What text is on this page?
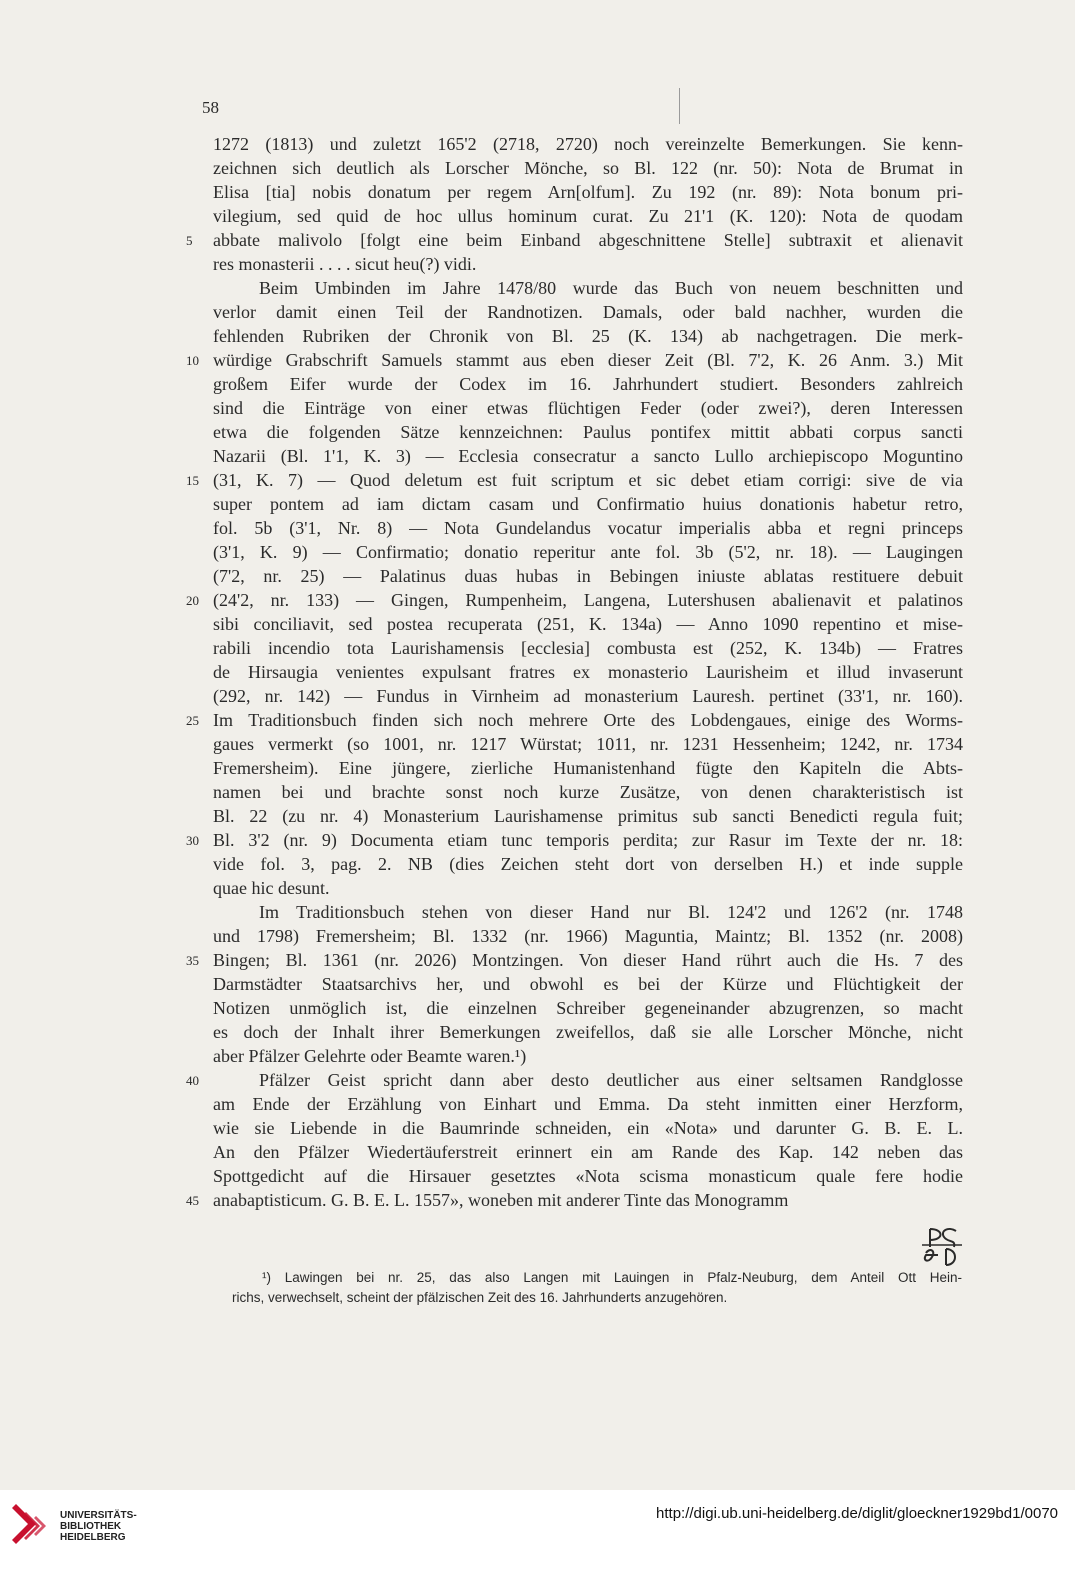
58
1272 (1813) und zuletzt 165'2 (2718, 2720) noch vereinzelte Bemerkungen. Sie kenn-
zeichnen sich deutlich als Lorscher Mönche, so Bl. 122 (nr. 50): Nota de Brumat in
Elisa [tia] nobis donatum per regem Arn[olfum]. Zu 192 (nr. 89): Nota bonum pri-
vilegium, sed quid de hoc ullus hominum curat. Zu 21'1 (K. 120): Nota de quodam
5	abbate malivolo [folgt eine beim Einband abgeschnittene Stelle] subtraxit et alienavit
res monasterii . . . . sicut heu(?) vidi.
Beim Umbinden im Jahre 1478/80 wurde das Buch von neuem beschnitten und
verlor damit einen Teil der Randnotizen. Damals, oder bald nachher, wurden die
fehlenden Rubriken der Chronik von Bl. 25 (K. 134) ab nachgetragen. Die merk-
10 würdige Grabschrift Samuels stammt aus eben dieser Zeit (Bl. 7'2, K. 26 Anm. 3.) Mit
großem Eifer wurde der Codex im 16. Jahrhundert studiert. Besonders zahlreich
sind die Einträge von einer etwas flüchtigen Feder (oder zwei?), deren Interessen
etwa die folgenden Sätze kennzeichnen: Paulus pontifex mittit abbati corpus sancti
Nazarii (Bl. 1'1, K. 3) — Ecclesia consecratur a sancto Lullo archiepiscopo Moguntino
15 (31, K. 7) — Quod deletum est fuit scriptum et sic debet etiam corrigi: sive de via
super pontem ad iam dictam casam und Confirmatio huius donationis habetur retro,
fol. 5b (3'1, Nr. 8) — Nota Gundelandus vocatur imperialis abba et regni princeps
(3'1, K. 9) — Confirmatio; donatio reperitur ante fol. 3b (5'2, nr. 18). — Laugingen
(7'2, nr. 25) — Palatinus duas hubas in Bebingen iniuste ablatas restituere debuit
20 (24'2, nr. 133) — Gingen, Rumpenheim, Langena, Lutershusen abalienavit et palatinos
sibi conciliavit, sed postea recuperata (251, K. 134a) — Anno 1090 repentino et mise-
rabili incendio tota Laurishamensis [ecclesia] combusta est (252, K. 134b) — Fratres
de Hirsaugia venientes expulsant fratres ex monasterio Laurisheim et illud invaserunt
(292, nr. 142) — Fundus in Virnheim ad monasterium Lauresh. pertinet (33'1, nr. 160).
25 Im Traditionsbuch finden sich noch mehrere Orte des Lobdengaues, einige des Worms-
gaues vermerkt (so 1001, nr. 1217 Würstat; 1011, nr. 1231 Hessenheim; 1242, nr. 1734
Fremersheim). Eine jüngere, zierliche Humanistenhand fügte den Kapiteln die Abts-
namen bei und brachte sonst noch kurze Zusätze, von denen charakteristisch ist
Bl. 22 (zu nr. 4) Monasterium Laurishamense primitus sub sancti Benedicti regula fuit;
30 Bl. 3'2 (nr. 9) Documenta etiam tunc temporis perdita; zur Rasur im Texte der nr. 18:
vide fol. 3, pag. 2. NB (dies Zeichen steht dort von derselben H.) et inde supple
quae hic desunt.
Im Traditionsbuch stehen von dieser Hand nur Bl. 124'2 und 126'2 (nr. 1748
und 1798) Fremersheim; Bl. 1332 (nr. 1966) Maguntia, Maintz; Bl. 1352 (nr. 2008)
35 Bingen; Bl. 1361 (nr. 2026) Montzingen. Von dieser Hand rührt auch die Hs. 7 des
Darmstädter Staatsarchivs her, und obwohl es bei der Kürze und Flüchtigkeit der
Notizen unmöglich ist, die einzelnen Schreiber gegeneinander abzugrenzen, so macht
es doch der Inhalt ihrer Bemerkungen zweifellos, daß sie alle Lorscher Mönche, nicht
aber Pfälzer Gelehrte oder Beamte waren.¹)
40	Pfälzer Geist spricht dann aber desto deutlicher aus einer seltsamen Randglosse
am Ende der Erzählung von Einhart und Emma. Da steht inmitten einer Herzform,
wie sie Liebende in die Baumrinde schneiden, ein «Nota» und darunter G. B. E. L.
An den Pfälzer Wiedertäuferstreit erinnert ein am Rande des Kap. 142 neben das
Spottgedicht auf die Hirsauer gesetztes «Nota scisma monasticum quale fere hodie
45 anabaptisticum. G. B. E. L. 1557», woneben mit anderer Tinte das Monogramm
¹) Lawingen bei nr. 25, das also Langen mit Lauingen in Pfalz-Neuburg, dem Anteil Ott Hein-
richs, verwechselt, scheint der pfälzischen Zeit des 16. Jahrhunderts anzugehören.
UNIVERSITÄTS-
BIBLIOTHEK
HEIDELBERG
http://digi.ub.uni-heidelberg.de/diglit/gloeckner1929bd1/0070
